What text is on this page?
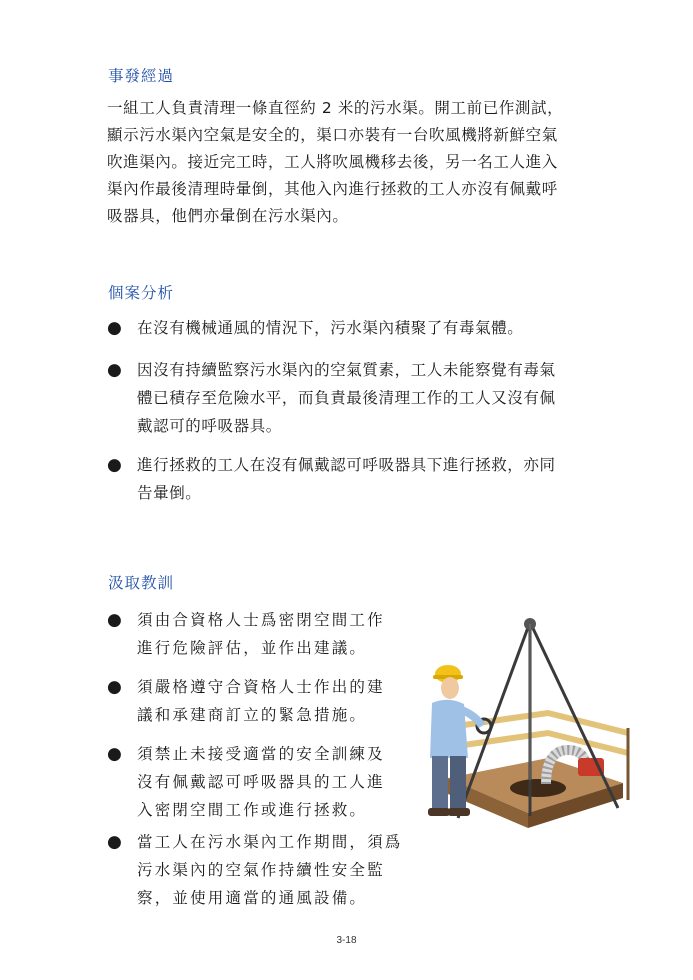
事發經過
一組工人負責清理一條直徑約 2 米的污水渠。開工前已作測試，
顯示污水渠內空氣是安全的，渠口亦裝有一台吹風機將新鮮空氣
吹進渠內。接近完工時，工人將吹風機移去後，另一名工人進入
渠內作最後清理時暈倒，其他入內進行拯救的工人亦沒有佩戴呼
吸器具，他們亦暈倒在污水渠內。
個案分析
● 在沒有機械通風的情況下，污水渠內積聚了有毒氣體。
● 因沒有持續監察污水渠內的空氣質素，工人未能察覺有毒氣
體已積存至危險水平，而負責最後清理工作的工人又沒有佩
戴認可的呼吸器具。
● 進行拯救的工人在沒有佩戴認可呼吸器具下進行拯救，亦同
告暈倒。
汲取教訓
● 須由合資格人士爲密閉空間工作
進行危險評估，並作出建議。
● 須嚴格遵守合資格人士作出的建
議和承建商訂立的緊急措施。
● 須禁止未接受適當的安全訓練及
沒有佩戴認可呼吸器具的工人進
入密閉空間工作或進行拯救。
● 當工人在污水渠內工作期間，須爲
污水渠內的空氣作持續性安全監
察，並使用適當的通風設備。
3-18
